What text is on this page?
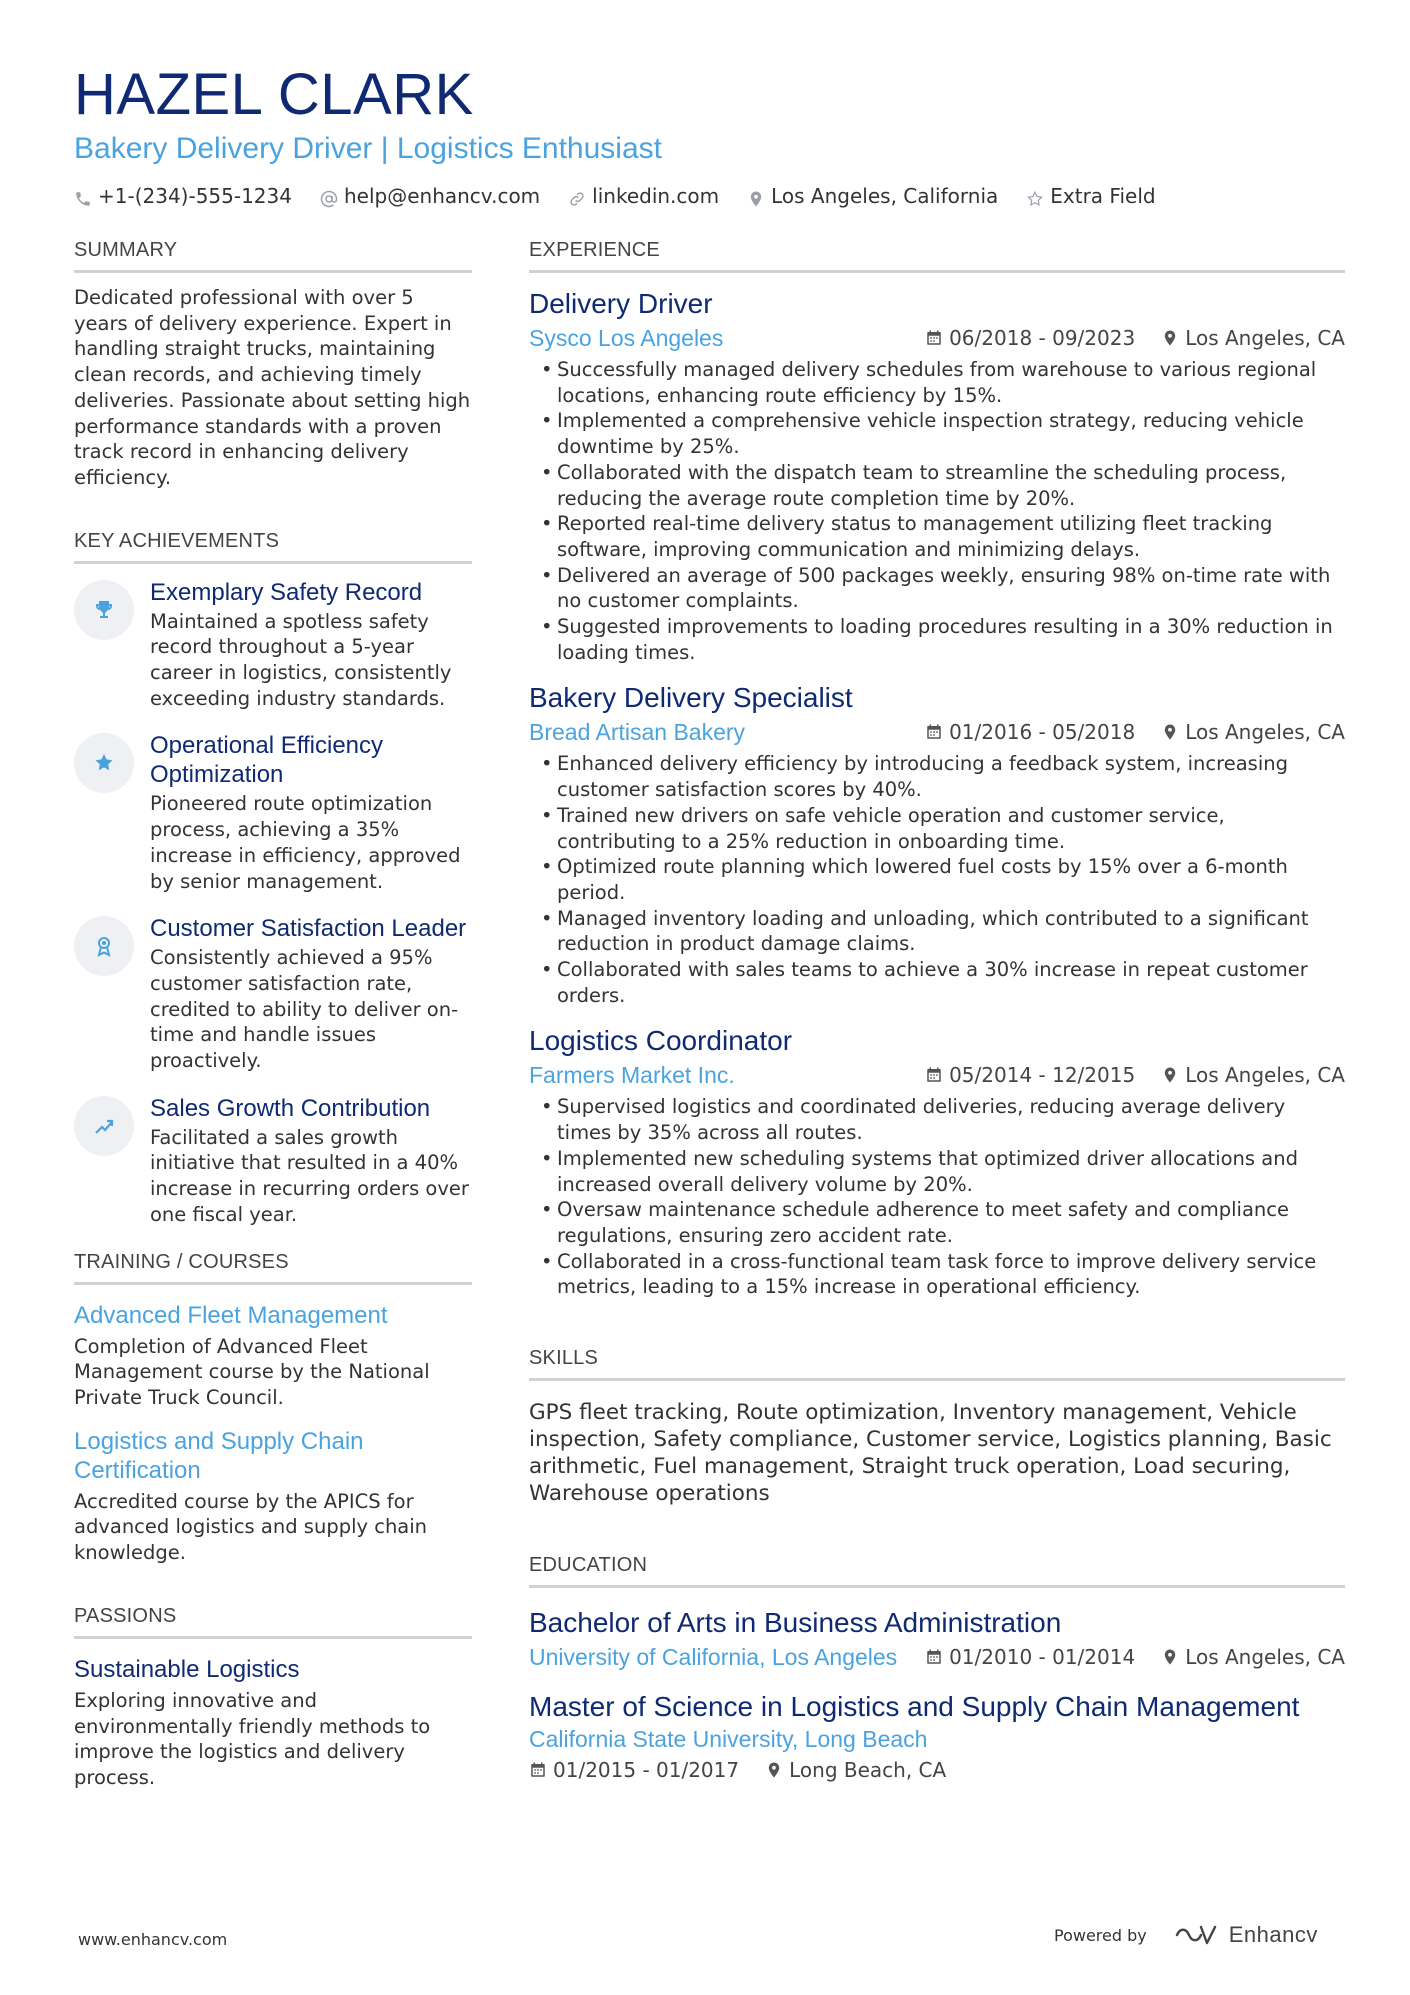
HAZEL CLARK
Bakery Delivery Driver | Logistics Enthusiast
+1-(234)-555-1234	help@enhancv.com	linkedin.com	Los Angeles, California	Extra Field
SUMMARY
Dedicated professional with over 5 years of delivery experience. Expert in handling straight trucks, maintaining clean records, and achieving timely deliveries. Passionate about setting high performance standards with a proven track record in enhancing delivery efficiency.
KEY ACHIEVEMENTS
Exemplary Safety Record
Maintained a spotless safety record throughout a 5-year career in logistics, consistently exceeding industry standards.
Operational Efficiency Optimization
Pioneered route optimization process, achieving a 35% increase in efficiency, approved by senior management.
Customer Satisfaction Leader
Consistently achieved a 95% customer satisfaction rate, credited to ability to deliver on-time and handle issues proactively.
Sales Growth Contribution
Facilitated a sales growth initiative that resulted in a 40% increase in recurring orders over one fiscal year.
TRAINING / COURSES
Advanced Fleet Management
Completion of Advanced Fleet Management course by the National Private Truck Council.
Logistics and Supply Chain Certification
Accredited course by the APICS for advanced logistics and supply chain knowledge.
PASSIONS
Sustainable Logistics
Exploring innovative and environmentally friendly methods to improve the logistics and delivery process.
EXPERIENCE
Delivery Driver
Sysco Los Angeles	06/2018 - 09/2023	Los Angeles, CA
• Successfully managed delivery schedules from warehouse to various regional locations, enhancing route efficiency by 15%.
• Implemented a comprehensive vehicle inspection strategy, reducing vehicle downtime by 25%.
• Collaborated with the dispatch team to streamline the scheduling process, reducing the average route completion time by 20%.
• Reported real-time delivery status to management utilizing fleet tracking software, improving communication and minimizing delays.
• Delivered an average of 500 packages weekly, ensuring 98% on-time rate with no customer complaints.
• Suggested improvements to loading procedures resulting in a 30% reduction in loading times.
Bakery Delivery Specialist
Bread Artisan Bakery	01/2016 - 05/2018	Los Angeles, CA
• Enhanced delivery efficiency by introducing a feedback system, increasing customer satisfaction scores by 40%.
• Trained new drivers on safe vehicle operation and customer service, contributing to a 25% reduction in onboarding time.
• Optimized route planning which lowered fuel costs by 15% over a 6-month period.
• Managed inventory loading and unloading, which contributed to a significant reduction in product damage claims.
• Collaborated with sales teams to achieve a 30% increase in repeat customer orders.
Logistics Coordinator
Farmers Market Inc.	05/2014 - 12/2015	Los Angeles, CA
• Supervised logistics and coordinated deliveries, reducing average delivery times by 35% across all routes.
• Implemented new scheduling systems that optimized driver allocations and increased overall delivery volume by 20%.
• Oversaw maintenance schedule adherence to meet safety and compliance regulations, ensuring zero accident rate.
• Collaborated in a cross-functional team task force to improve delivery service metrics, leading to a 15% increase in operational efficiency.
SKILLS
GPS fleet tracking, Route optimization, Inventory management, Vehicle inspection, Safety compliance, Customer service, Logistics planning, Basic arithmetic, Fuel management, Straight truck operation, Load securing, Warehouse operations
EDUCATION
Bachelor of Arts in Business Administration
University of California, Los Angeles	01/2010 - 01/2014	Los Angeles, CA
Master of Science in Logistics and Supply Chain Management
California State University, Long Beach
01/2015 - 01/2017	Long Beach, CA
www.enhancv.com	Powered by	Enhancv
